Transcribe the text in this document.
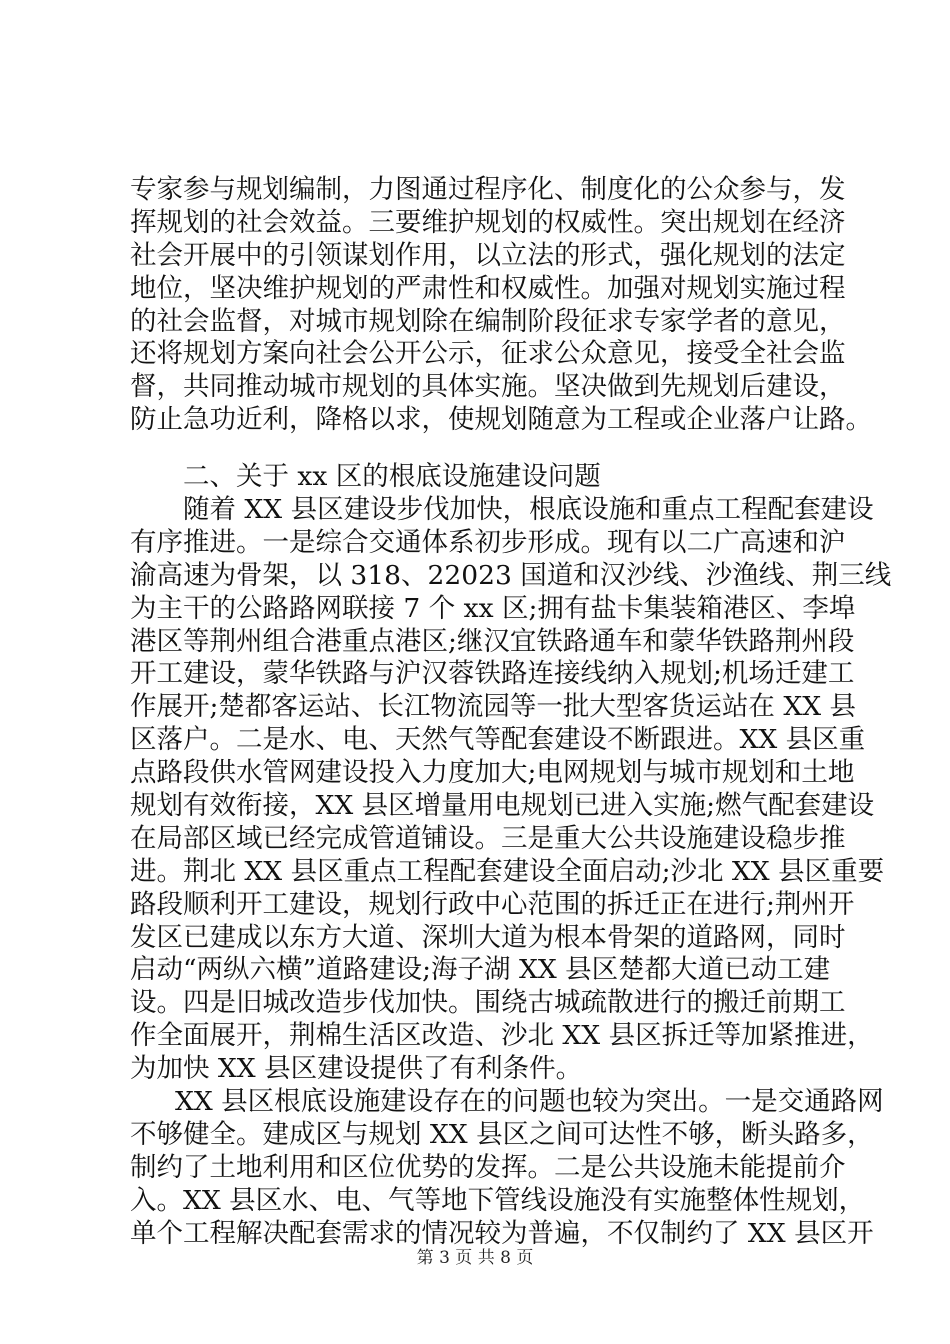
专家参与规划编制，力图通过程序化、制度化的公众参与，发
挥规划的社会效益。三要维护规划的权威性。突出规划在经济
社会开展中的引领谋划作用，以立法的形式，强化规划的法定
地位，坚决维护规划的严肃性和权威性。加强对规划实施过程
的社会监督，对城市规划除在编制阶段征求专家学者的意见，
还将规划方案向社会公开公示，征求公众意见，接受全社会监
督，共同推动城市规划的具体实施。坚决做到先规划后建设，
防止急功近利，降格以求，使规划随意为工程或企业落户让路。
二、关于 xx 区的根底设施建设问题
随着 XX 县区建设步伐加快，根底设施和重点工程配套建设
有序推进。一是综合交通体系初步形成。现有以二广高速和沪
渝高速为骨架，以 318、22023 国道和汉沙线、沙渔线、荆三线
为主干的公路路网联接 7 个 xx 区;拥有盐卡集装箱港区、李埠
港区等荆州组合港重点港区;继汉宜铁路通车和蒙华铁路荆州段
开工建设，蒙华铁路与沪汉蓉铁路连接线纳入规划;机场迁建工
作展开;楚都客运站、长江物流园等一批大型客货运站在 XX 县
区落户。二是水、电、天然气等配套建设不断跟进。XX 县区重
点路段供水管网建设投入力度加大;电网规划与城市规划和土地
规划有效衔接，XX 县区增量用电规划已进入实施;燃气配套建设
在局部区域已经完成管道铺设。三是重大公共设施建设稳步推
进。荆北 XX 县区重点工程配套建设全面启动;沙北 XX 县区重要
路段顺利开工建设，规划行政中心范围的拆迁正在进行;荆州开
发区已建成以东方大道、深圳大道为根本骨架的道路网，同时
启动“两纵六横”道路建设;海子湖 XX 县区楚都大道已动工建
设。四是旧城改造步伐加快。围绕古城疏散进行的搬迁前期工
作全面展开，荆棉生活区改造、沙北 XX 县区拆迁等加紧推进，
为加快 XX 县区建设提供了有利条件。
XX 县区根底设施建设存在的问题也较为突出。一是交通路网
不够健全。建成区与规划 XX 县区之间可达性不够，断头路多，
制约了土地利用和区位优势的发挥。二是公共设施未能提前介
入。XX 县区水、电、气等地下管线设施没有实施整体性规划，
单个工程解决配套需求的情况较为普遍，不仅制约了 XX 县区开
第 3 页 共 8 页
